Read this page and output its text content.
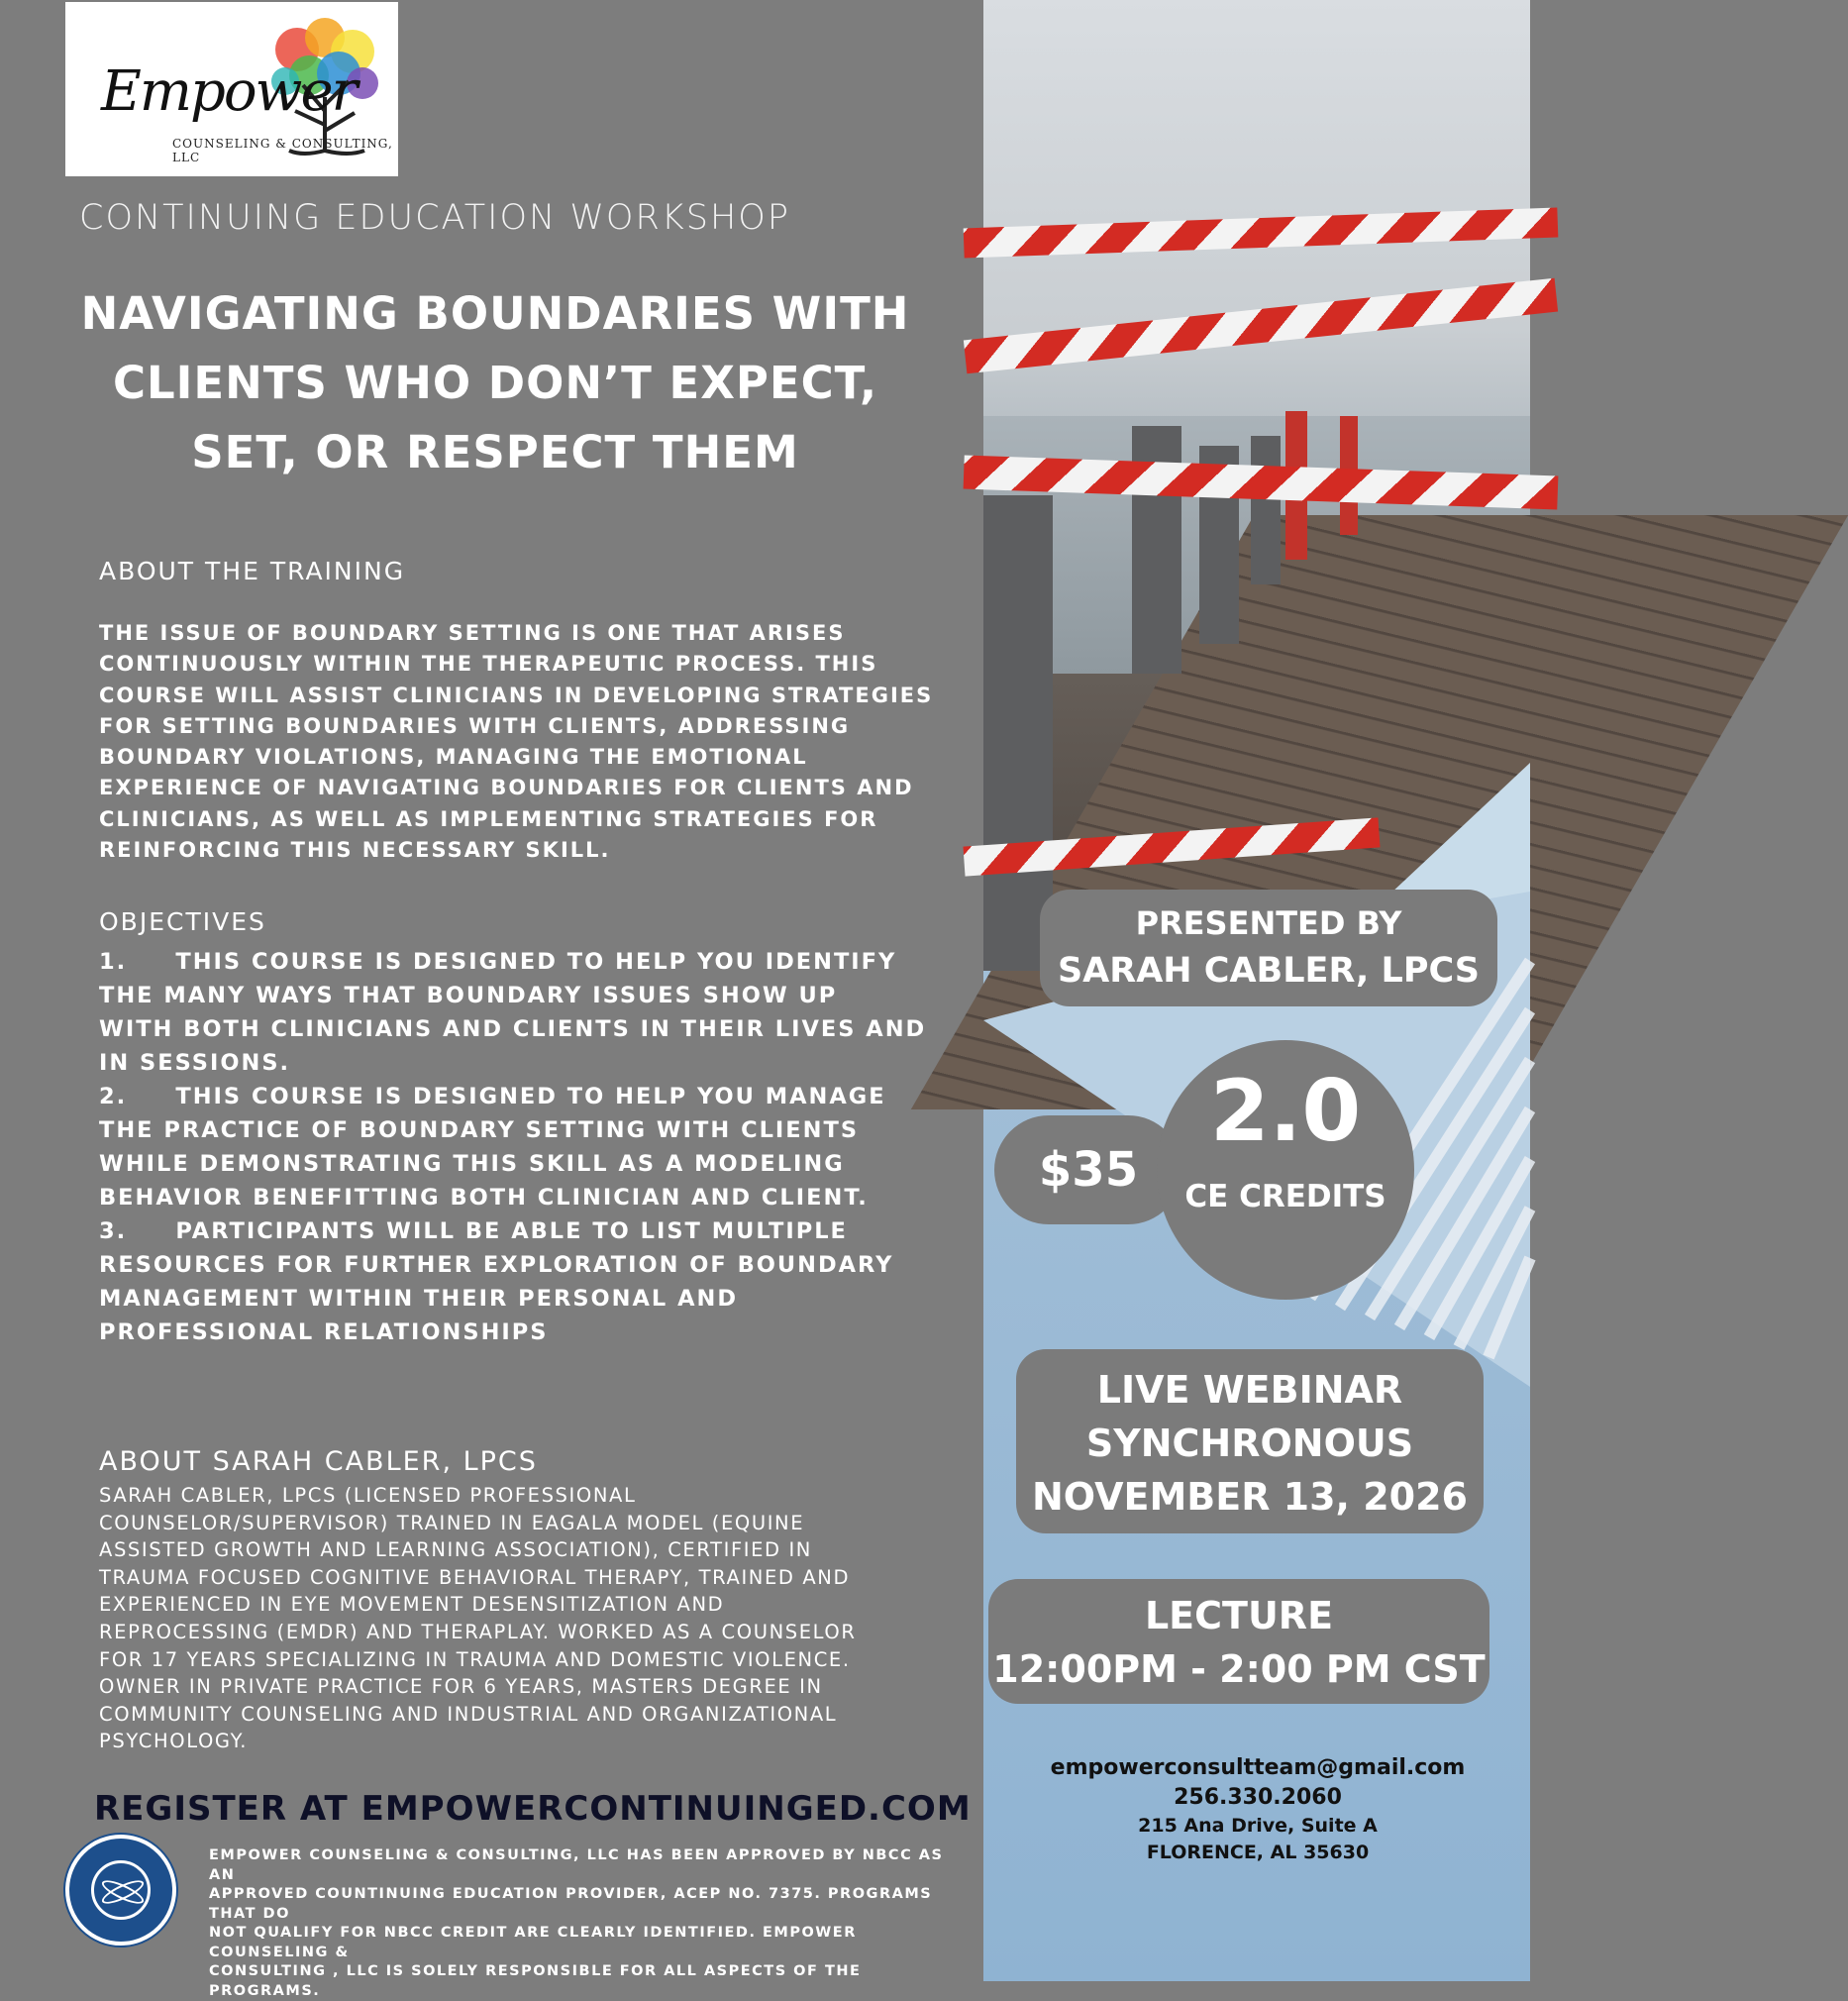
Empower
COUNSELING & CONSULTING, LLC
CONTINUING EDUCATION WORKSHOP
NAVIGATING BOUNDARIES WITH
CLIENTS WHO DON’T EXPECT,
SET, OR RESPECT THEM
ABOUT THE TRAINING
THE ISSUE OF BOUNDARY SETTING IS ONE THAT ARISES
CONTINUOUSLY WITHIN THE THERAPEUTIC PROCESS. THIS
COURSE WILL ASSIST CLINICIANS IN DEVELOPING STRATEGIES
FOR SETTING BOUNDARIES WITH CLIENTS, ADDRESSING
BOUNDARY VIOLATIONS, MANAGING THE EMOTIONAL
EXPERIENCE OF NAVIGATING BOUNDARIES FOR CLIENTS AND
CLINICIANS, AS WELL AS IMPLEMENTING STRATEGIES FOR
REINFORCING THIS NECESSARY SKILL.
OBJECTIVES
1.     THIS COURSE IS DESIGNED TO HELP YOU IDENTIFY
THE MANY WAYS THAT BOUNDARY ISSUES SHOW UP
WITH BOTH CLINICIANS AND CLIENTS IN THEIR LIVES AND
IN SESSIONS.
2.     THIS COURSE IS DESIGNED TO HELP YOU MANAGE
THE PRACTICE OF BOUNDARY SETTING WITH CLIENTS
WHILE DEMONSTRATING THIS SKILL AS A MODELING
BEHAVIOR BENEFITTING BOTH CLINICIAN AND CLIENT.
3.     PARTICIPANTS WILL BE ABLE TO LIST MULTIPLE
RESOURCES FOR FURTHER EXPLORATION OF BOUNDARY
MANAGEMENT WITHIN THEIR PERSONAL AND
PROFESSIONAL RELATIONSHIPS
ABOUT SARAH CABLER, LPCS
SARAH CABLER, LPCS (LICENSED PROFESSIONAL
COUNSELOR/SUPERVISOR) TRAINED IN EAGALA MODEL (EQUINE
ASSISTED GROWTH AND LEARNING ASSOCIATION), CERTIFIED IN
TRAUMA FOCUSED COGNITIVE BEHAVIORAL THERAPY, TRAINED AND
EXPERIENCED IN EYE MOVEMENT DESENSITIZATION AND
REPROCESSING (EMDR) AND THERAPLAY. WORKED AS A COUNSELOR
FOR 17 YEARS SPECIALIZING IN TRAUMA AND DOMESTIC VIOLENCE.
OWNER IN PRIVATE PRACTICE FOR 6 YEARS, MASTERS DEGREE IN
COMMUNITY COUNSELING AND INDUSTRIAL AND ORGANIZATIONAL
PSYCHOLOGY.
REGISTER AT EMPOWERCONTINUINGED.COM
EMPOWER COUNSELING & CONSULTING, LLC HAS BEEN APPROVED BY NBCC AS AN
APPROVED COUNTINUING EDUCATION PROVIDER, ACEP NO. 7375. PROGRAMS THAT DO
NOT QUALIFY FOR NBCC CREDIT ARE CLEARLY IDENTIFIED. EMPOWER COUNSELING &
CONSULTING , LLC IS SOLELY RESPONSIBLE FOR ALL ASPECTS OF THE PROGRAMS.
PRESENTED BY
SARAH CABLER, LPCS
$35
2.0
CE CREDITS
LIVE WEBINAR
SYNCHRONOUS
NOVEMBER 13, 2026
LECTURE
12:00PM - 2:00 PM CST
empowerconsultteam@gmail.com
256.330.2060
215 Ana Drive, Suite A
FLORENCE, AL 35630
